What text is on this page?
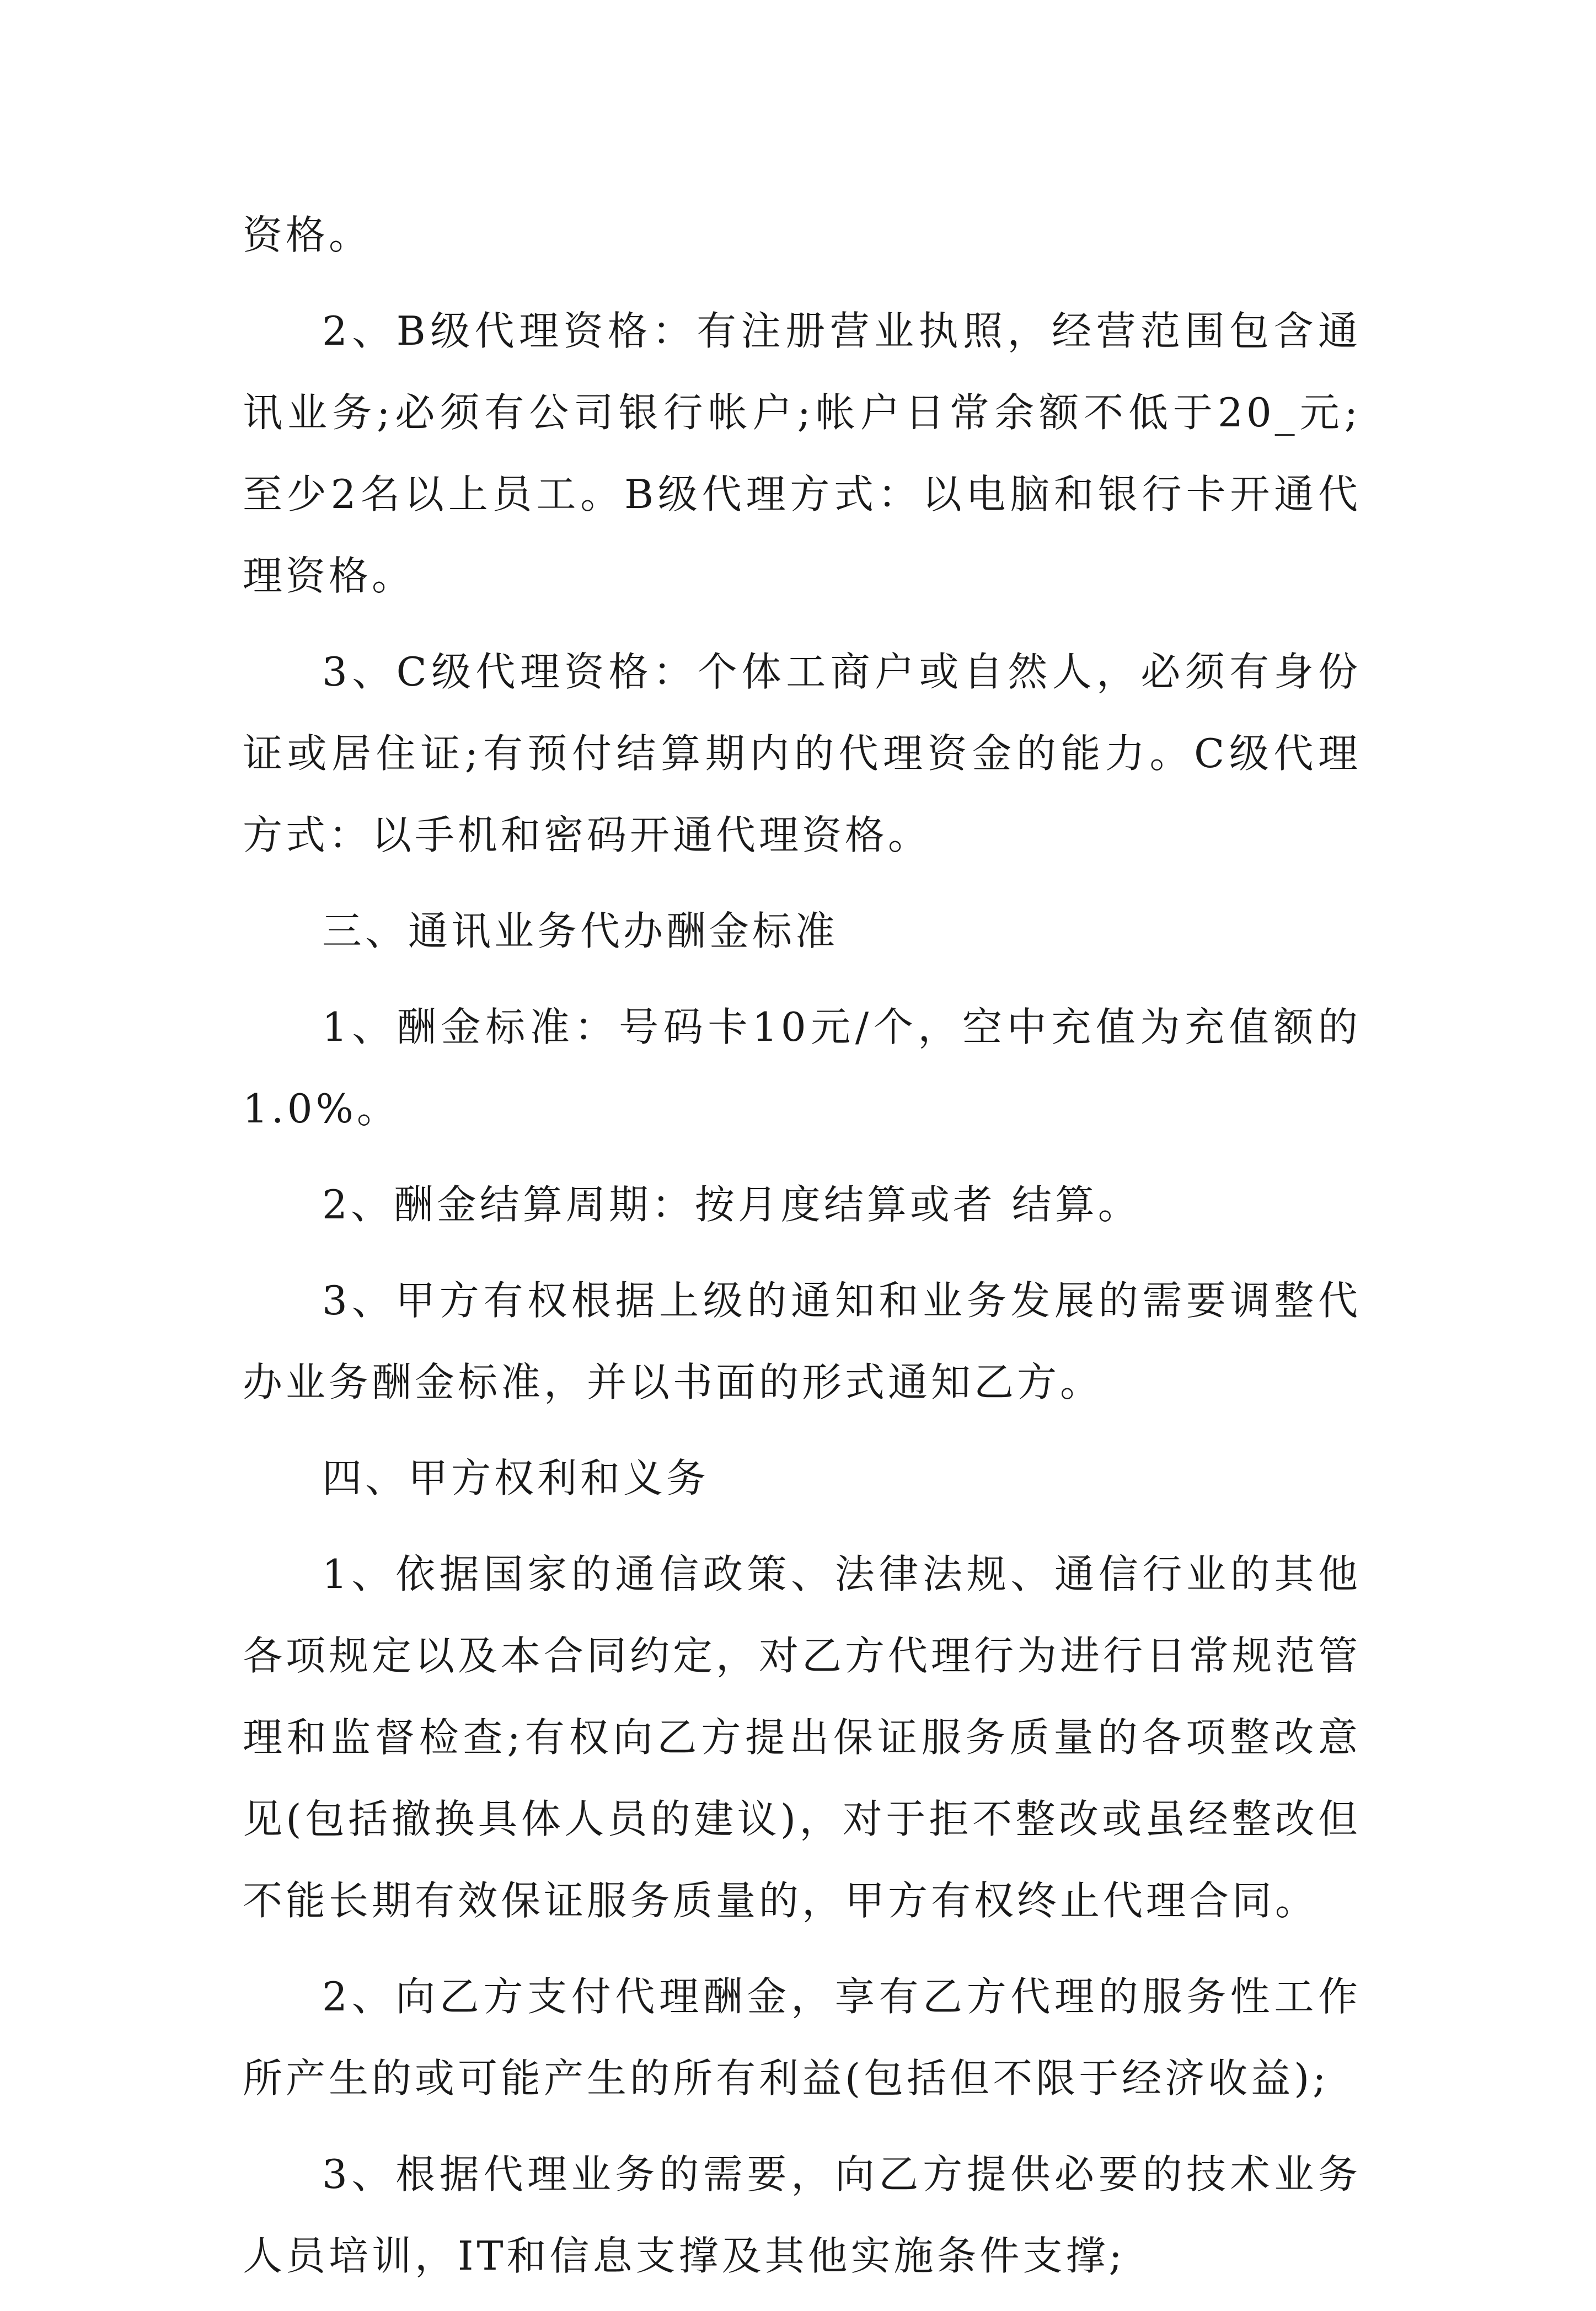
资格。

2、B级代理资格：有注册营业执照，经营范围包含通讯业务;必须有公司银行帐户;帐户日常余额不低于20_元;至少2名以上员工。B级代理方式：以电脑和银行卡开通代理资格。

3、C级代理资格：个体工商户或自然人，必须有身份证或居住证;有预付结算期内的代理资金的能力。C级代理方式：以手机和密码开通代理资格。

三、通讯业务代办酬金标准

1、酬金标准：号码卡10元/个，空中充值为充值额的1.0%。

2、酬金结算周期：按月度结算或者 结算。

3、甲方有权根据上级的通知和业务发展的需要调整代办业务酬金标准，并以书面的形式通知乙方。

四、甲方权利和义务

1、依据国家的通信政策、法律法规、通信行业的其他各项规定以及本合同约定，对乙方代理行为进行日常规范管理和监督检查;有权向乙方提出保证服务质量的各项整改意见(包括撤换具体人员的建议)，对于拒不整改或虽经整改但不能长期有效保证服务质量的，甲方有权终止代理合同。

2、向乙方支付代理酬金，享有乙方代理的服务性工作所产生的或可能产生的所有利益(包括但不限于经济收益);

3、根据代理业务的需要，向乙方提供必要的技术业务人员培训，IT和信息支撑及其他实施条件支撑;
